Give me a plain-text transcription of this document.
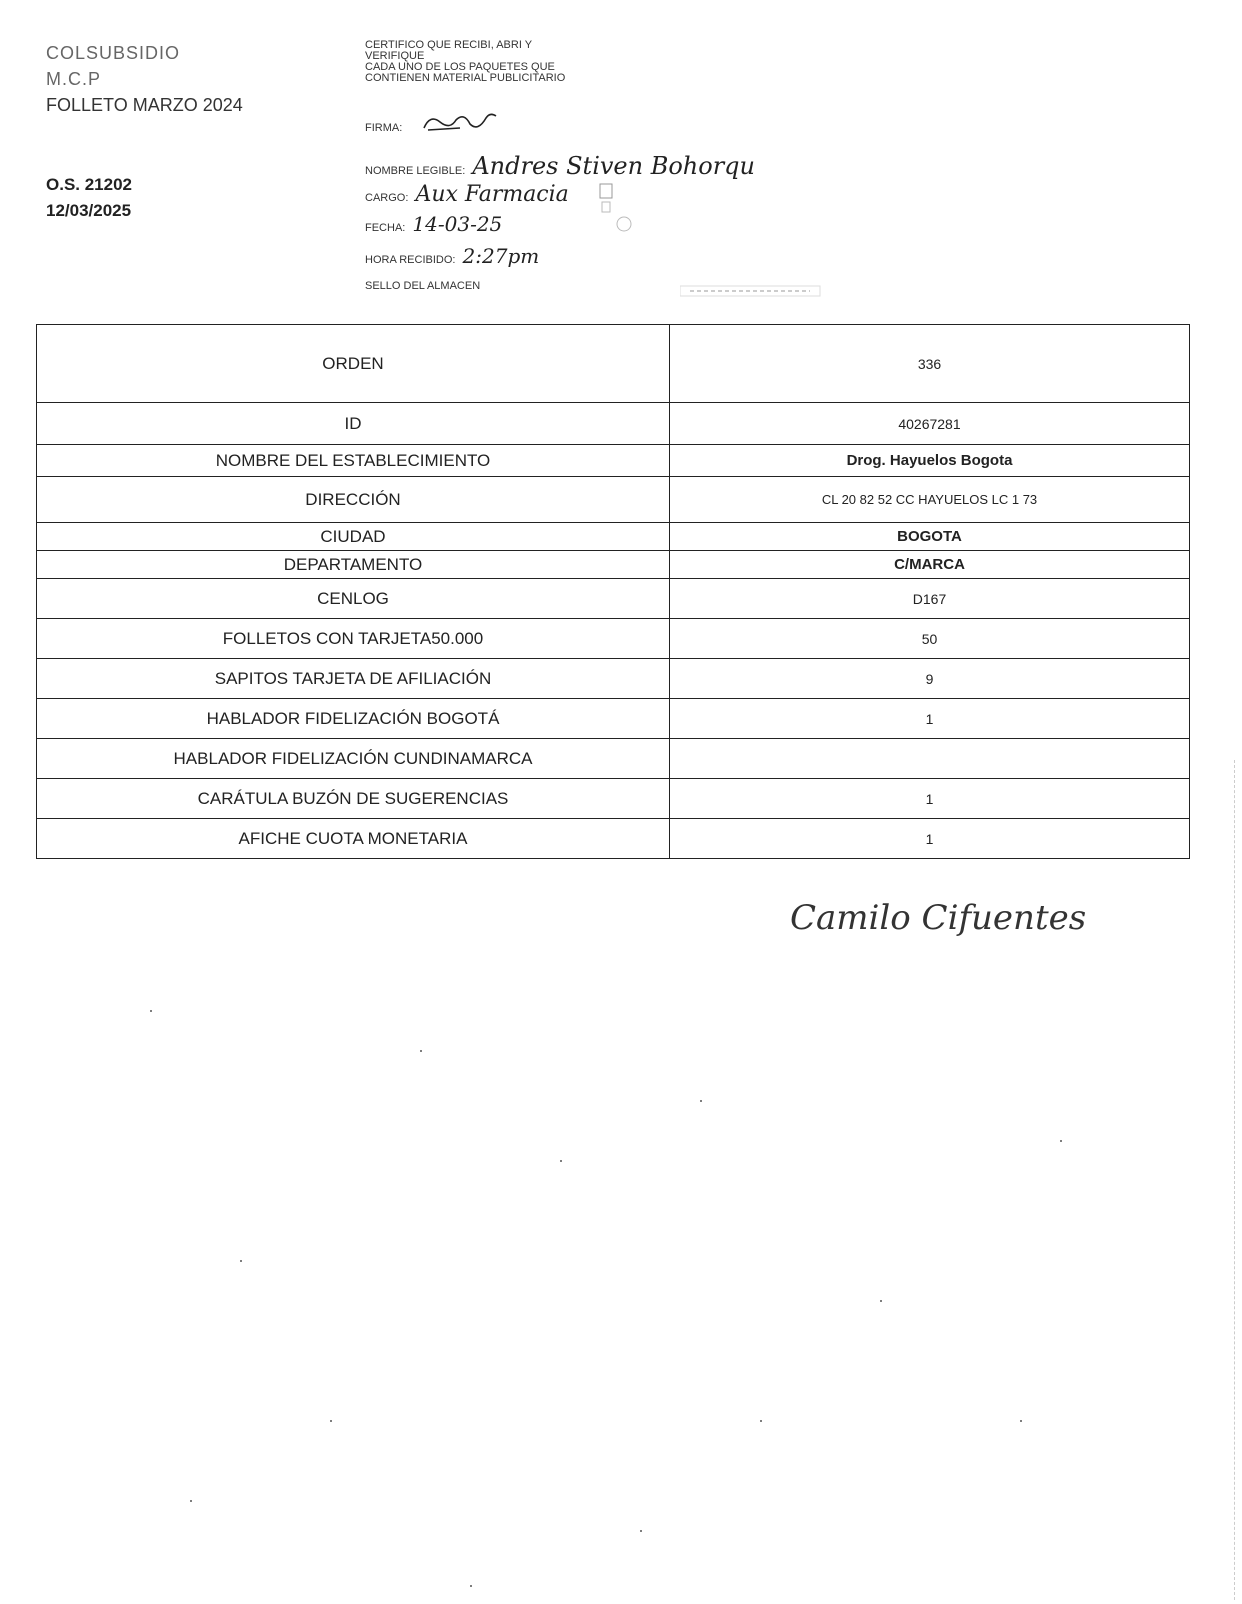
COLSUBSIDIO
M.C.P
FOLLETO MARZO 2024
O.S. 21202
12/03/2025
CERTIFICO QUE RECIBI, ABRI Y
VERIFIQUE
CADA UNO DE LOS PAQUETES QUE
CONTIENEN MATERIAL PUBLICITARIO
FIRMA:
NOMBRE LEGIBLE: Andres Stiven Bohorqu
CARGO: Aux Farmacia
FECHA: 14-03-25
HORA RECIBIDO: 2:27pm
SELLO DEL ALMACEN
ORDEN	336
ID	40267281
NOMBRE DEL ESTABLECIMIENTO	Drog. Hayuelos Bogota
DIRECCIÓN	CL 20 82 52 CC HAYUELOS LC 1 73
CIUDAD	BOGOTA
DEPARTAMENTO	C/MARCA
CENLOG	D167
FOLLETOS CON TARJETA50.000	50
SAPITOS TARJETA DE AFILIACIÓN	9
HABLADOR FIDELIZACIÓN BOGOTÁ	1
HABLADOR FIDELIZACIÓN CUNDINAMARCA	
CARÁTULA BUZÓN DE SUGERENCIAS	1
AFICHE CUOTA MONETARIA	1
Camilo Cifuentes
